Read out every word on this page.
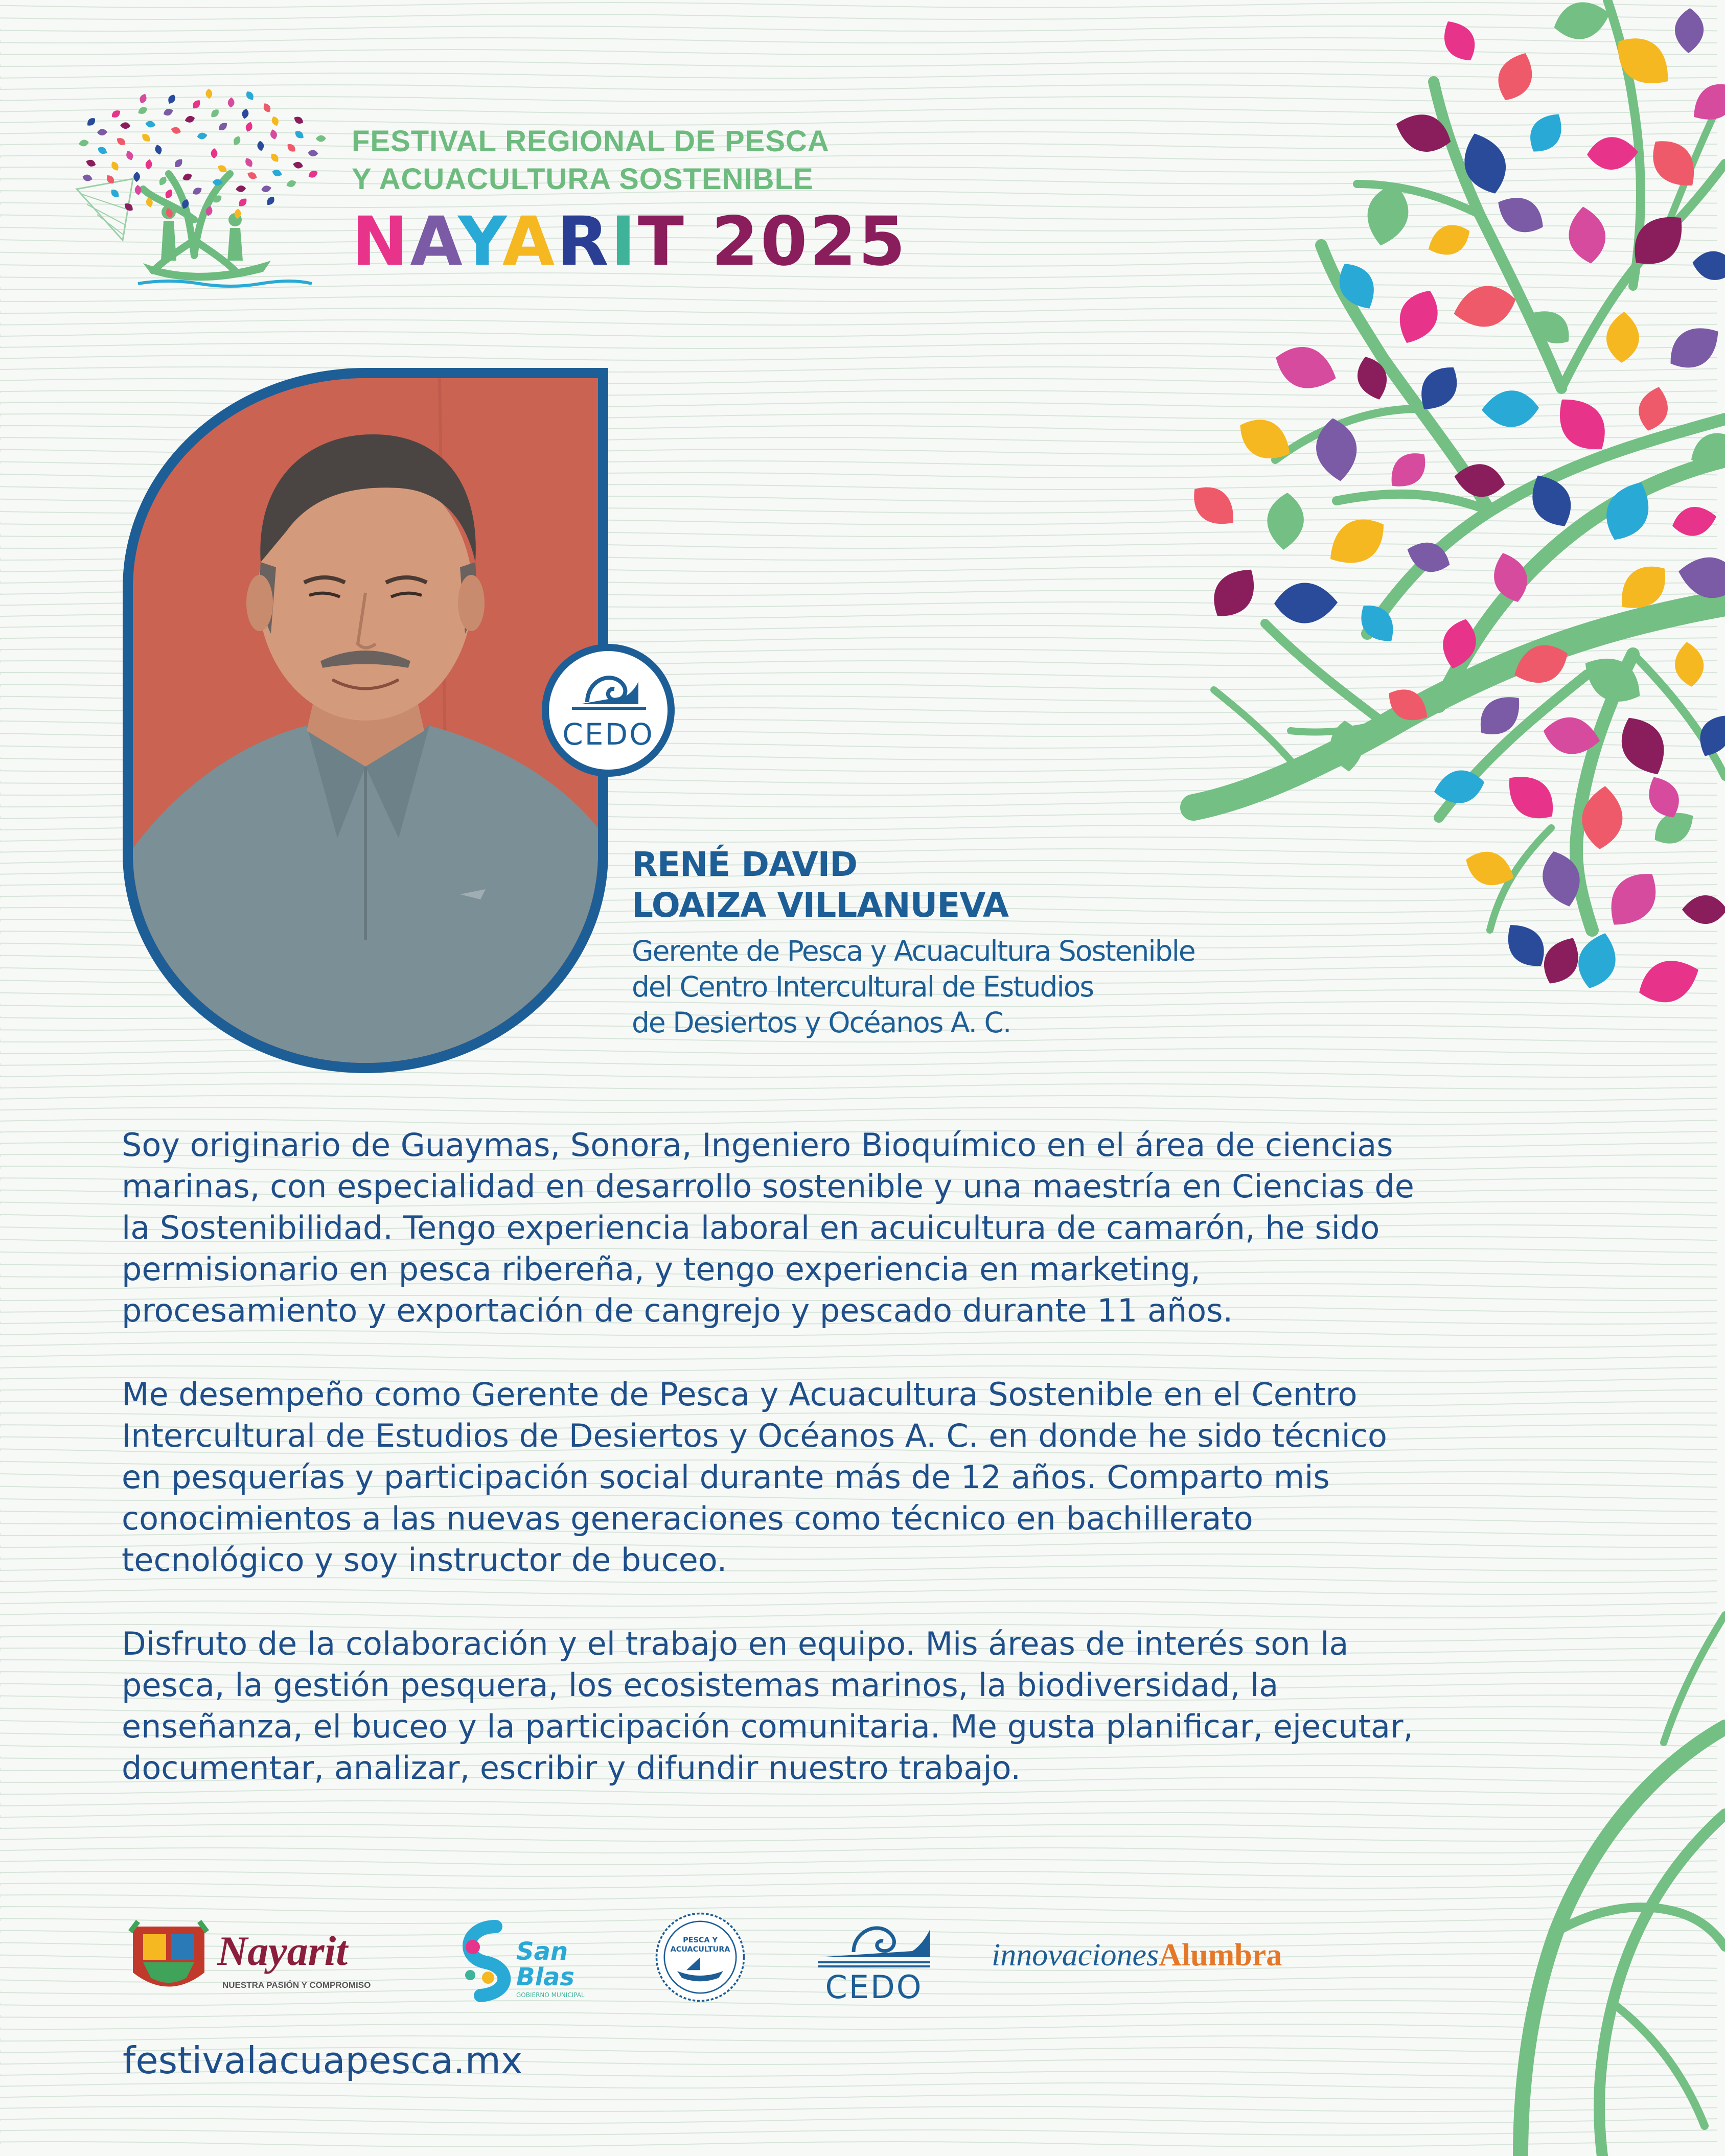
FESTIVAL REGIONAL DE PESCA
Y ACUACULTURA SOSTENIBLE
NAYARIT 2025
CEDO
RENÉ DAVID
LOAIZA VILLANUEVA
Gerente de Pesca y Acuacultura Sostenible
del Centro Intercultural de Estudios
de Desiertos y Océanos A. C.

Soy originario de Guaymas, Sonora, Ingeniero Bioquímico en el área de ciencias
marinas, con especialidad en desarrollo sostenible y una maestría en Ciencias de
la Sostenibilidad. Tengo experiencia laboral en acuicultura de camarón, he sido
permisionario en pesca ribereña, y tengo experiencia en marketing,
procesamiento y exportación de cangrejo y pescado durante 11 años.

Me desempeño como Gerente de Pesca y Acuacultura Sostenible en el Centro
Intercultural de Estudios de Desiertos y Océanos A. C. en donde he sido técnico
en pesquerías y participación social durante más de 12 años. Comparto mis
conocimientos a las nuevas generaciones como técnico en bachillerato
tecnológico y soy instructor de buceo.

Disfruto de la colaboración y el trabajo en equipo. Mis áreas de interés son la
pesca, la gestión pesquera, los ecosistemas marinos, la biodiversidad, la
enseñanza, el buceo y la participación comunitaria. Me gusta planificar, ejecutar,
documentar, analizar, escribir y difundir nuestro trabajo.

Nayarit
NUESTRA PASIÓN Y COMPROMISO
San
Blas
GOBIERNO MUNICIPAL
PESCA Y
ACUACULTURA
CEDO
innovacionesAlumbra
festivalacuapesca.mx
